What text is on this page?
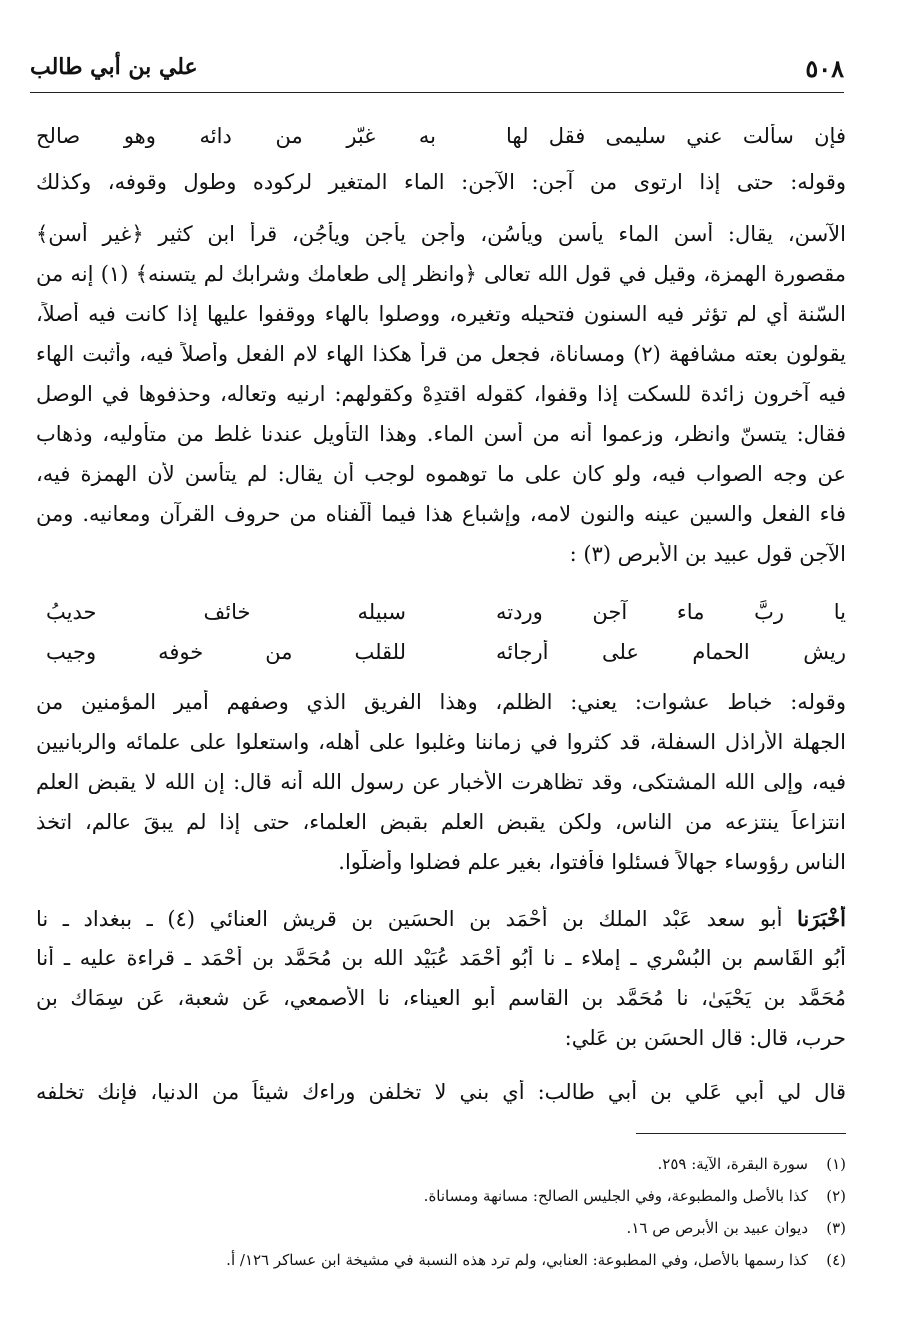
٥٠٨
علي بن أبي طالب
فإن سألت عني سليمى فقل لها
به غبّر من دائه وهو صالح
وقوله: حتى إذا ارتوى من آجن: الآجن: الماء المتغير لركوده وطول وقوفه، وكذلك
الآسن، يقال: أسن الماء يأسن ويأسُن، وأَجن يأجن ويأجُن، قرأ ابن كثير ﴿غير أسن﴾
مقصورة الهمزة، وقيل في قول الله تعالى ﴿وانظر إلى طعامك وشرابك لم يتسنه﴾ (١) إنه من
السّنة أي لم تؤثر فيه السنون فتحيله وتغيره، ووصلوا بالهاء ووقفوا عليها إذا كانت فيه أصلاً،
يقولون بعته مشافهة (٢) ومساناة، فجعل من قرأ هكذا الهاء لام الفعل وأصلاً فيه، وأثبت الهاء
فيه آخرون زائدة للسكت إذا وقفوا، كقوله اقتدِهْ وكقولهم: ارنيه وتعاله، وحذفوها في الوصل
فقال: يتسنّ وانظر، وزعموا أنه من أسن الماء. وهذا التأويل عندنا غلط من متأوليه، وذهاب
عن وجه الصواب فيه، ولو كان على ما توهموه لوجب أن يقال: لم يتأسن لأن الهمزة فيه،
فاء الفعل والسين عينه والنون لامه، وإشباع هذا فيما ألَّفناه من حروف القرآن ومعانيه. ومن
الآجن قول عبيد بن الأبرص (٣) :
يا ربَّ ماء آجنٍ وردته
سبيله خائف حديبُ
ريش الحمام على أرجائه
للقلب من خوفه وجيب
وقوله: خباط عشوات: يعني: الظلم، وهذا الفريق الذي وصفهم أمير المؤمنين من
الجهلة الأراذل السفلة، قد كثروا في زماننا وغلبوا على أهله، واستعلوا على علمائه والربانيين
فيه، وإلى الله المشتكى، وقد تظاهرت الأخبار عن رسول الله أنه قال: إن الله لا يقبض العلم
انتزاعاً ينتزعه من الناس، ولكن يقبض العلم بقبض العلماء، حتى إذا لم يبقَ عالم، اتخذ
الناس رؤوساء جهالاً فسئلوا فأفتوا، بغير علم فضلوا وأضلّوا.
أَخْبَرَنا أبو سعد عَبْد الملك بن أحْمَد بن الحسَين بن قريش العنائي (٤) ـ ببغداد ـ نا
أَبُو القَاسم بن البُسْري ـ إملاء ـ نا أَبُو أحْمَد عُبَيْد الله بن مُحَمَّد بن أَحْمَد ـ قراءة عليه ـ أنا
مُحَمَّد بن يَحْيَىٰ، نا مُحَمَّد بن القاسم أبو العيناء، نا الأصمعي، عَن شعبة، عَن سِمَاك بن
حرب، قال: قال الحسَن بن عَلي:
قال لي أبي عَلي بن أبي طالب: أي بني لا تخلفن وراءك شيئاً من الدنيا، فإنك تخلفه
(١)سورة البقرة، الآية: ٢٥٩.
(٢)كذا بالأصل والمطبوعة، وفي الجليس الصالح: مسانهة ومساناة.
(٣)ديوان عبيد بن الأبرص ص ١٦.
(٤)كذا رسمها بالأصل، وفي المطبوعة: العنابي، ولم ترد هذه النسبة في مشيخة ابن عساكر ١٢٦/ أ.
